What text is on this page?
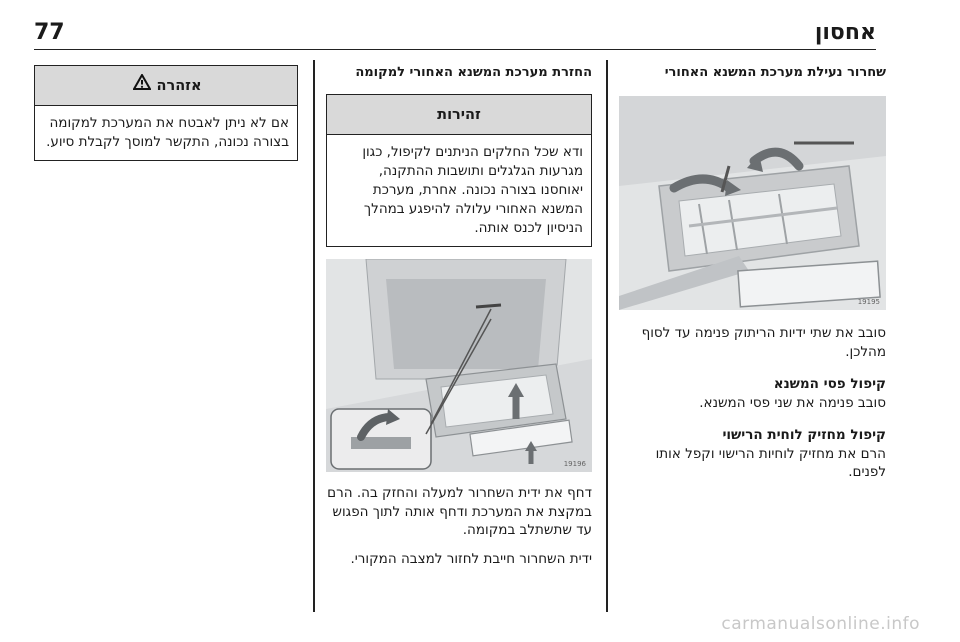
77	אחסון
שחרור נעילת מערכת המשנא האחורי
19195
סובב את שתי ידיות הריתוק פנימה עד לסוף מהלכן.
קיפול פסי המשנא
סובב פנימה את שני פסי המשנא.
קיפול מחזיק לוחית הרישוי
הרם את מחזיק לוחיות הרישוי וקפל אותו לפנים.
החזרת מערכת המשנא האחורי למקומה
זהירות
ודא שכל החלקים הניתנים לקיפול, כגון מגרעות הגלגלים ותושבות ההתקנה, יאוחסנו בצורה נכונה. אחרת, מערכת המשנא האחורי עלולה להיפגע במהלך הניסיון לכנס אותה.
19196
דחף את ידית השחרור למעלה והחזק בה. הרם במקצת את המערכת ודחף אותה לתוך הפגוש עד שתשתלב במקומה.
ידית השחרור חייבת לחזור למצבה המקורי.
אזהרה
אם לא ניתן לאבטח את המערכת למקומה בצורה נכונה, התקשר למוסך לקבלת סיוע.
carmanualsonline.info
